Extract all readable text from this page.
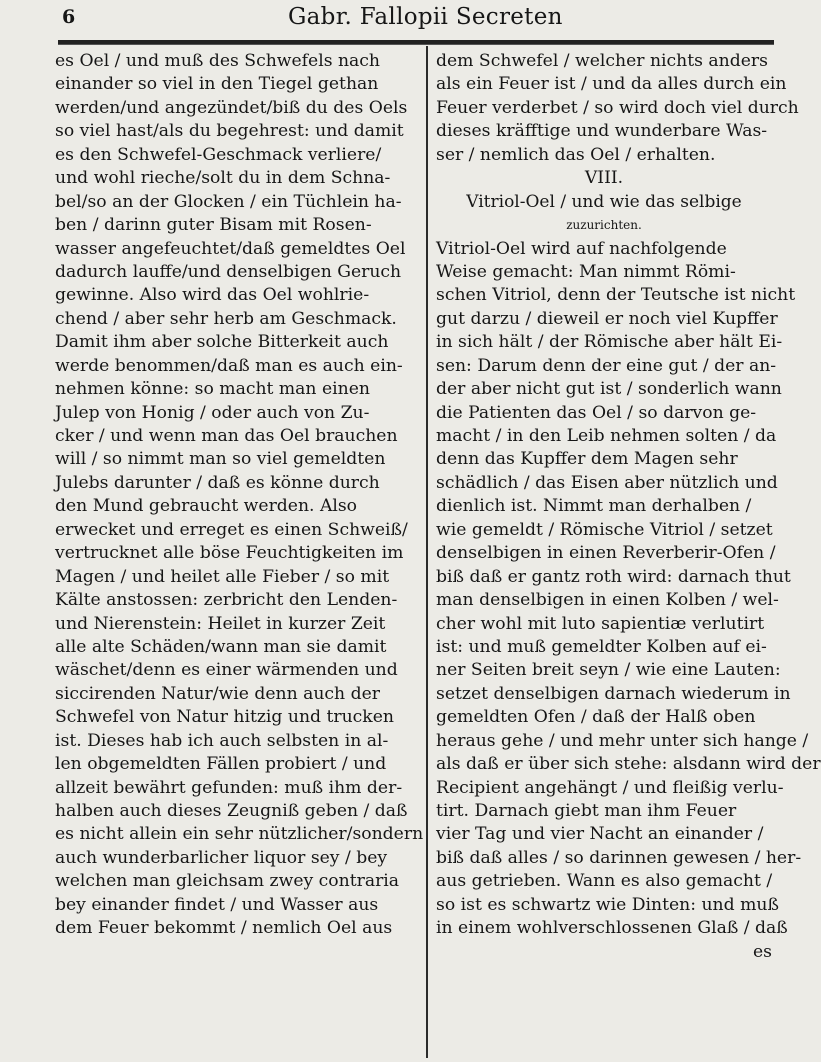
6	Gabr. Fallopii Secreten
es Oel / und muß des Schwefels nach
einander so viel in den Tiegel gethan
werden/und angezündet/biß du des Oels
so viel hast/als du begehrest: und damit
es den Schwefel-Geschmack verliere/
und wohl rieche/solt du in dem Schna-
bel/so an der Glocken / ein Tüchlein ha-
ben / darinn guter Bisam mit Rosen-
wasser angefeuchtet/daß gemeldtes Oel
dadurch lauffe/und denselbigen Geruch
gewinne. Also wird das Oel wohlrie-
chend / aber sehr herb am Geschmack.
Damit ihm aber solche Bitterkeit auch
werde benommen/daß man es auch ein-
nehmen könne: so macht man einen
Julep von Honig / oder auch von Zu-
cker / und wenn man das Oel brauchen
will / so nimmt man so viel gemeldten
Julebs darunter / daß es könne durch
den Mund gebraucht werden. Also
erwecket und erreget es einen Schweiß/
vertrucknet alle böse Feuchtigkeiten im
Magen / und heilet alle Fieber / so mit
Kälte anstossen: zerbricht den Lenden-
und Nierenstein: Heilet in kurzer Zeit
alle alte Schäden/wann man sie damit
wäschet/denn es einer wärmenden und
siccirenden Natur/wie denn auch der
Schwefel von Natur hitzig und trucken
ist. Dieses hab ich auch selbsten in al-
len obgemeldten Fällen probiert / und
allzeit bewährt gefunden: muß ihm der-
halben auch dieses Zeugniß geben / daß
es nicht allein ein sehr nützlicher/sondern
auch wunderbarlicher liquor sey / bey
welchen man gleichsam zwey contraria
bey einander findet / und Wasser aus
dem Feuer bekommt / nemlich Oel aus
dem Schwefel / welcher nichts anders
als ein Feuer ist / und da alles durch ein
Feuer verderbet / so wird doch viel durch
dieses kräfftige und wunderbare Was-
ser / nemlich das Oel / erhalten.
VIII.
Vitriol-Oel / und wie das selbige
zuzurichten.
Vitriol-Oel wird auf nachfolgende
Weise gemacht: Man nimmt Römi-
schen Vitriol, denn der Teutsche ist nicht
gut darzu / dieweil er noch viel Kupffer
in sich hält / der Römische aber hält Ei-
sen: Darum denn der eine gut / der an-
der aber nicht gut ist / sonderlich wann
die Patienten das Oel / so darvon ge-
macht / in den Leib nehmen solten / da
denn das Kupffer dem Magen sehr
schädlich / das Eisen aber nützlich und
dienlich ist. Nimmt man derhalben /
wie gemeldt / Römische Vitriol / setzet
denselbigen in einen Reverberir-Ofen /
biß daß er gantz roth wird: darnach thut
man denselbigen in einen Kolben / wel-
cher wohl mit luto sapientiæ verlutirt
ist: und muß gemeldter Kolben auf ei-
ner Seiten breit seyn / wie eine Lauten:
setzet denselbigen darnach wiederum in
gemeldten Ofen / daß der Halß oben
heraus gehe / und mehr unter sich hange /
als daß er über sich stehe: alsdann wird der
Recipient angehängt / und fleißig verlu-
tirt. Darnach giebt man ihm Feuer
vier Tag und vier Nacht an einander /
biß daß alles / so darinnen gewesen / her-
aus getrieben. Wann es also gemacht /
so ist es schwartz wie Dinten: und muß
in einem wohlverschlossenen Glaß / daß
es
